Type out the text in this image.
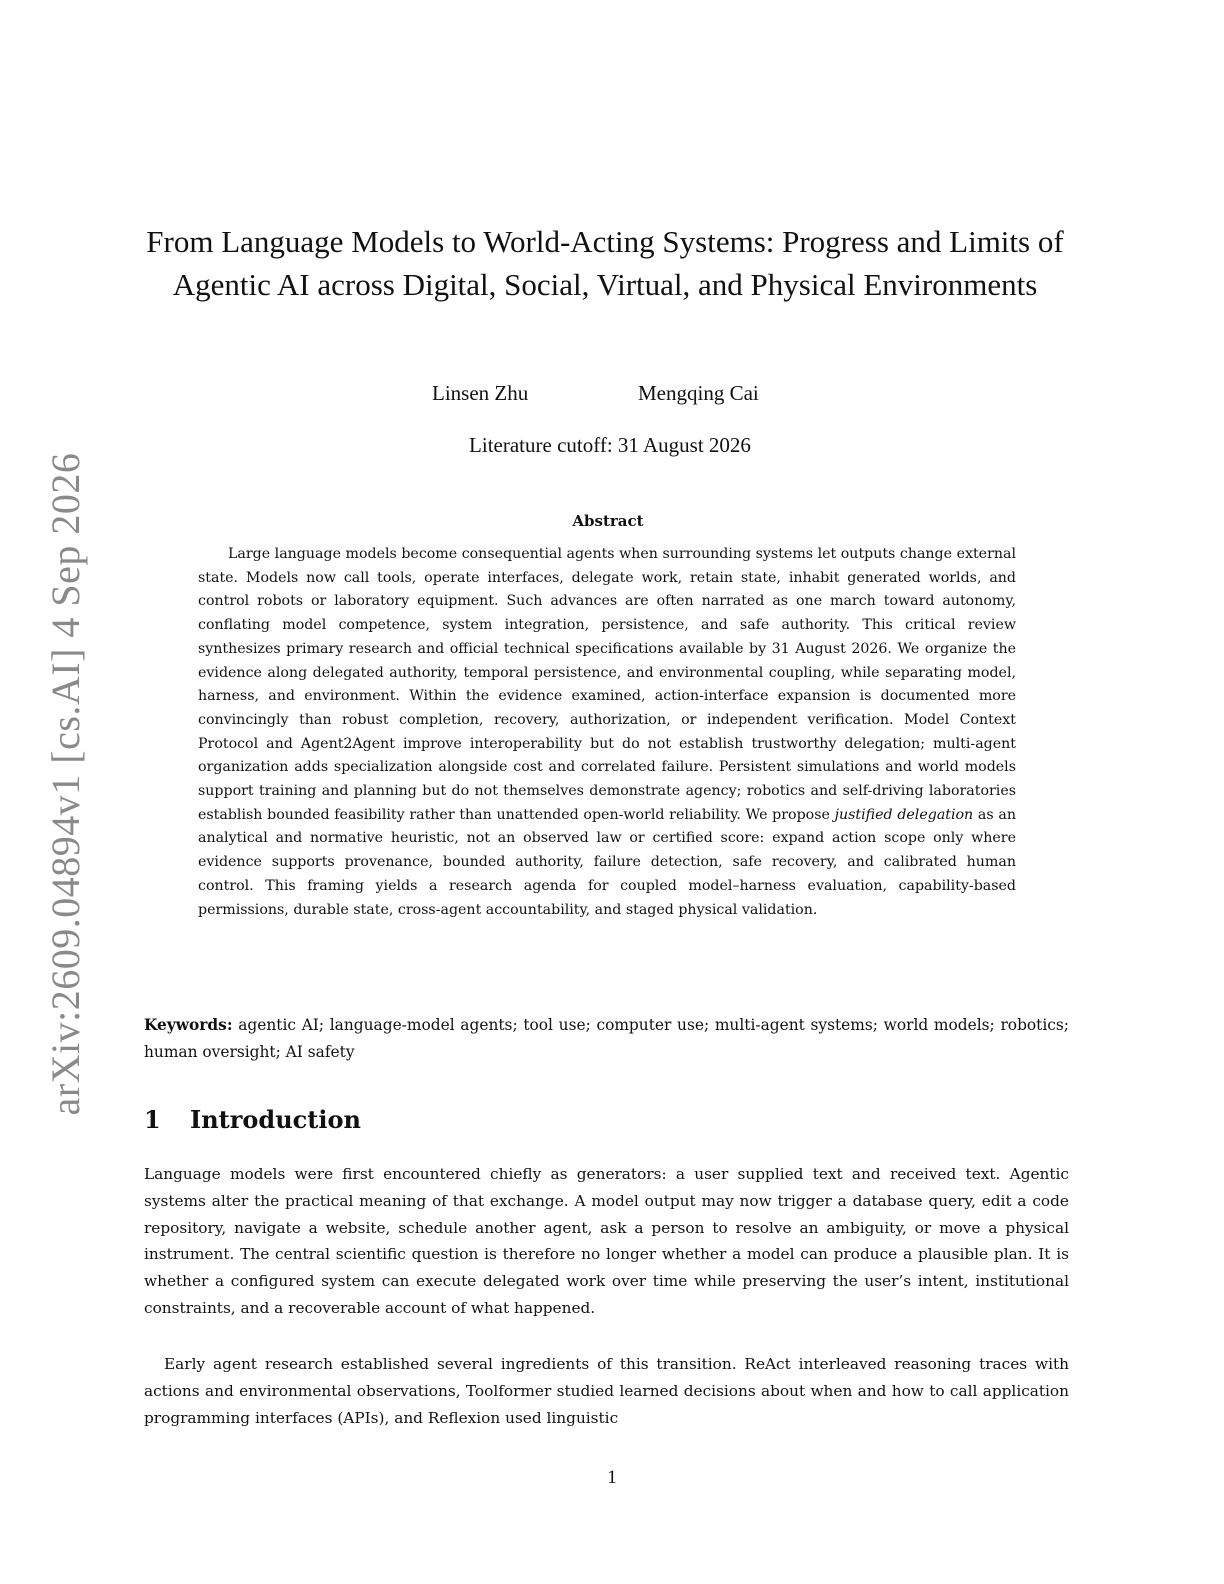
arXiv:2609.04894v1 [cs.AI] 4 Sep 2026
From Language Models to World-Acting Systems: Progress and Limits of Agentic AI across Digital, Social, Virtual, and Physical Environments
Linsen Zhu	Mengqing Cai
Literature cutoff: 31 August 2026
Abstract

Large language models become consequential agents when surrounding systems let outputs change external state. Models now call tools, operate interfaces, delegate work, retain state, inhabit generated worlds, and control robots or laboratory equipment. Such advances are often narrated as one march toward autonomy, conflating model competence, system integration, persistence, and safe authority. This critical review synthesizes primary research and official technical specifications available by 31 August 2026. We organize the evidence along delegated authority, temporal persistence, and environmental coupling, while separating model, harness, and environment. Within the evidence examined, action-interface expansion is documented more convincingly than robust completion, recovery, authorization, or independent verification. Model Context Protocol and Agent2Agent improve interoperability but do not establish trustworthy delegation; multi-agent organization adds specialization alongside cost and correlated failure. Persistent simulations and world models support training and planning but do not themselves demonstrate agency; robotics and self-driving laboratories establish bounded feasibility rather than unattended open-world reliability. We propose justified delegation as an analytical and normative heuristic, not an observed law or certified score: expand action scope only where evidence supports provenance, bounded authority, failure detection, safe recovery, and calibrated human control. This framing yields a research agenda for coupled model–harness evaluation, capability-based permissions, durable state, cross-agent accountability, and staged physical validation.

Keywords: agentic AI; language-model agents; tool use; computer use; multi-agent systems; world models; robotics; human oversight; AI safety

1 Introduction

Language models were first encountered chiefly as generators: a user supplied text and received text. Agentic systems alter the practical meaning of that exchange. A model output may now trigger a database query, edit a code repository, navigate a website, schedule another agent, ask a person to resolve an ambiguity, or move a physical instrument. The central scientific question is therefore no longer whether a model can produce a plausible plan. It is whether a configured system can execute delegated work over time while preserving the user’s intent, institutional constraints, and a recoverable account of what happened.

Early agent research established several ingredients of this transition. ReAct interleaved reasoning traces with actions and environmental observations, Toolformer studied learned decisions about when and how to call application programming interfaces (APIs), and Reflexion used linguistic

1
